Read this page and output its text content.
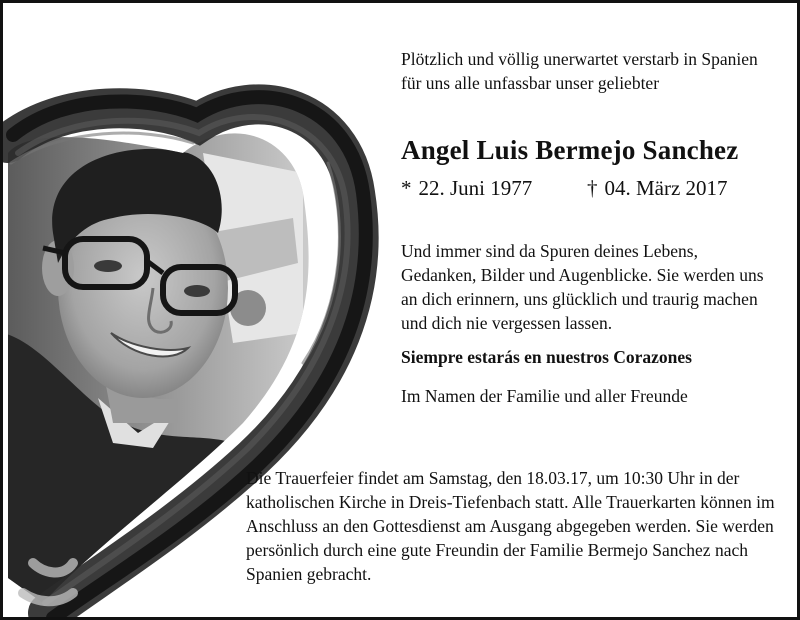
Plötzlich und völlig unerwartet verstarb in Spanien für uns alle unfassbar unser geliebter

Angel Luis Bermejo Sanchez
* 22. Juni 1977	† 04. März 2017

Und immer sind da Spuren deines Lebens, Gedanken, Bilder und Augenblicke. Sie werden uns an dich erinnern, uns glücklich und traurig machen und dich nie vergessen lassen.

Siempre estarás en nuestros Corazones
Im Namen der Familie und aller Freunde

Die Trauerfeier findet am Samstag, den 18.03.17, um 10:30 Uhr in der katholischen Kirche in Dreis-Tiefenbach statt. Alle Trauerkarten können im Anschluss an den Gottesdienst am Ausgang abgegeben werden. Sie werden persönlich durch eine gute Freundin der Familie Bermejo Sanchez nach Spanien gebracht.
